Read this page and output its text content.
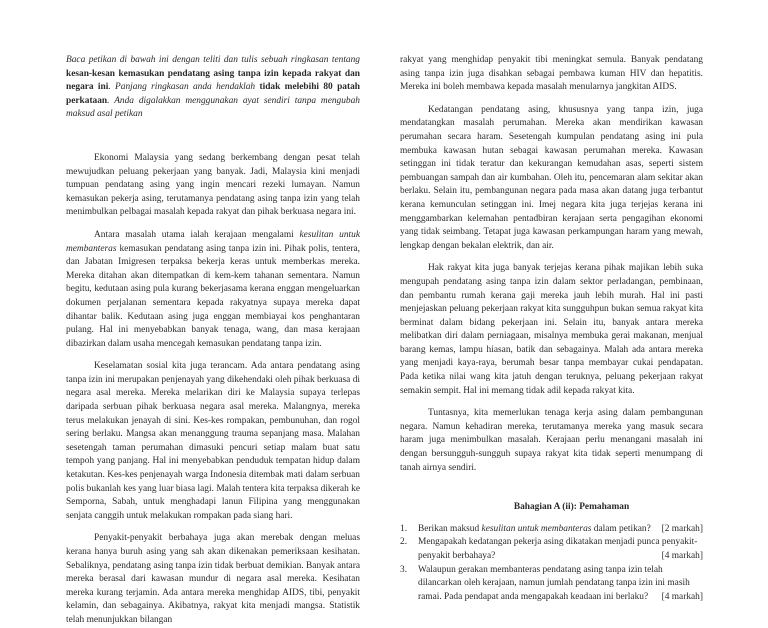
Baca petikan di bawah ini dengan teliti dan tulis sebuah ringkasan tentang kesan-kesan kemasukan pendatang asing tanpa izin kepada rakyat dan negara ini. Panjang ringkasan anda hendaklah tidak melebihi 80 patah perkataan. Anda digalakkan menggunakan ayat sendiri tanpa mengubah maksud asal petikan

Ekonomi Malaysia yang sedang berkembang dengan pesat telah mewujudkan peluang pekerjaan yang banyak. Jadi, Malaysia kini menjadi tumpuan pendatang asing yang ingin mencari rezeki lumayan. Namun kemasukan pekerja asing, terutamanya pendatang asing tanpa izin yang telah menimbulkan pelbagai masalah kepada rakyat dan pihak berkuasa negara ini.

Antara masalah utama ialah kerajaan mengalami kesulitan untuk membanteras kemasukan pendatang asing tanpa izin ini. Pihak polis, tentera, dan Jabatan Imigresen terpaksa bekerja keras untuk memberkas mereka. Mereka ditahan akan ditempatkan di kem-kem tahanan sementara. Namun begitu, kedutaan asing pula kurang bekerjasama kerana enggan mengeluarkan dokumen perjalanan sementara kepada rakyatnya supaya mereka dapat dihantar balik. Kedutaan asing juga enggan membiayai kos penghantaran pulang. Hal ini menyebabkan banyak tenaga, wang, dan masa kerajaan dibazirkan dalam usaha mencegah kemasukan pendatang tanpa izin.

Keselamatan sosial kita juga terancam. Ada antara pendatang asing tanpa izin ini merupakan penjenayah yang dikehendaki oleh pihak berkuasa di negara asal mereka. Mereka melarikan diri ke Malaysia supaya terlepas daripada serbuan pihak berkuasa negara asal mereka. Malangnya, mereka terus melakukan jenayah di sini. Kes-kes rompakan, pembunuhan, dan rogol sering berlaku. Mangsa akan menanggung trauma sepanjang masa. Malahan sesetengah taman perumahan dimasuki pencuri setiap malam buat satu tempoh yang panjang. Hal ini menyebabkan penduduk tempatan hidup dalam ketakutan. Kes-kes penjenayah warga Indonesia ditembak mati dalam serbuan polis bukanlah kes yang luar biasa lagi. Malah tentera kita terpaksa dikerah ke Semporna, Sabah, untuk menghadapi lanun Filipina yang menggunakan senjata canggih untuk melakukan rompakan pada siang hari.

Penyakit-penyakit berbahaya juga akan merebak dengan meluas kerana hanya buruh asing yang sah akan dikenakan pemeriksaan kesihatan. Sebaliknya, pendatang asing tanpa izin tidak berbuat demikian. Banyak antara mereka berasal dari kawasan mundur di negara asal mereka. Kesihatan mereka kurang terjamin. Ada antara mereka menghidap AIDS, tibi, penyakit kelamin, dan sebagainya. Akibatnya, rakyat kita menjadi mangsa. Statistik telah menunjukkan bilangan

rakyat yang menghidap penyakit tibi meningkat semula. Banyak pendatang asing tanpa izin juga disahkan sebagai pembawa kuman HIV dan hepatitis. Mereka ini boleh membawa kepada masalah menularnya jangkitan AIDS.

Kedatangan pendatang asing, khususnya yang tanpa izin, juga mendatangkan masalah perumahan. Mereka akan mendirikan kawasan perumahan secara haram. Sesetengah kumpulan pendatang asing ini pula membuka kawasan hutan sebagai kawasan perumahan mereka. Kawasan setinggan ini tidak teratur dan kekurangan kemudahan asas, seperti sistem pembuangan sampah dan air kumbahan. Oleh itu, pencemaran alam sekitar akan berlaku. Selain itu, pembangunan negara pada masa akan datang juga terbantut kerana kemunculan setinggan ini. Imej negara kita juga terjejas kerana ini menggambarkan kelemahan pentadbiran kerajaan serta pengagihan ekonomi yang tidak seimbang. Tetapat juga kawasan perkampungan haram yang mewah, lengkap dengan bekalan elektrik, dan air.

Hak rakyat kita juga banyak terjejas kerana pihak majikan lebih suka mengupah pendatang asing tanpa izin dalam sektor perladangan, pembinaan, dan pembantu rumah kerana gaji mereka jauh lebih murah. Hal ini pasti menjejaskan peluang pekerjaan rakyat kita sungguhpun bukan semua rakyat kita berminat dalam bidang pekerjaan ini. Selain itu, banyak antara mereka melibatkan diri dalam perniagaan, misalnya membuka gerai makanan, menjual barang kemas, lampu hiasan, batik dan sebagainya. Malah ada antara mereka yang menjadi kaya-raya, berumah besar tanpa membayar cukai pendapatan. Pada ketika nilai wang kita jatuh dengan teruknya, peluang pekerjaan rakyat semakin sempit. Hal ini memang tidak adil kepada rakyat kita.

Tuntasnya, kita memerlukan tenaga kerja asing dalam pembangunan negara. Namun kehadiran mereka, terutamanya mereka yang masuk secara haram juga menimbulkan masalah. Kerajaan perlu menangani masalah ini dengan bersungguh-sungguh supaya rakyat kita tidak seperti menumpang di tanah airnya sendiri.

Bahagian A (ii): Pemahaman
1. Berikan maksud kesulitan untuk membanteras dalam petikan? [2 markah]
2. Mengapakah kedatangan pekerja asing dikatakan menjadi punca penyakit-penyakit berbahaya?	[4 markah]
3. Walaupun gerakan membanteras pendatang asing tanpa izin telah dilancarkan oleh kerajaan, namun jumlah pendatang tanpa izin ini masih ramai. Pada pendapat anda mengapakah keadaan ini berlaku?	[4 markah]
